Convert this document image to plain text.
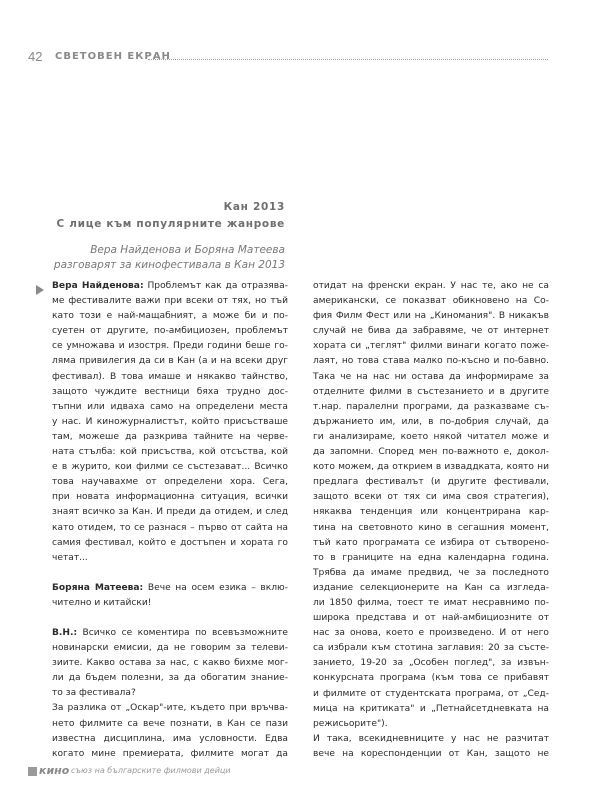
42 СВЕТОВЕН ЕКРАН
Кан 2013
С лице към популярните жанрове
Вера Найденова и Боряна Матеева
разговарят за кинофестивала в Кан 2013

Вера Найденова: Проблемът как да отразява-

ме фестивалите важи при всеки от тях, но тъй

като този е най-мащабният, а може би и по-

суетен от другите, по-амбициозен, проблемът

се умножава и изостря. Преди години беше го-

ляма привилегия да си в Кан (а и на всеки друг

фестивал). В това имаше и някакво тайнство,

защото чуждите вестници бяха трудно дос-

тъпни или идваха само на определени места

у нас. И киножурналистът, който присъстваше

там, можеше да разкрива тайните на черве-

ната стълба: кой присъства, кой отсъства, кой

е в журито, кои филми се състезават... Всичко

това научавахме от определени хора. Сега,

при новата информационна ситуация, всички

знаят всичко за Кан. И преди да отидем, и след

като отидем, то се разнася – първо от сайта на

самия фестивал, който е достъпен и хората го

четат...

Боряна Матеева: Вече на осем езика – вклю-

чително и китайски!

В.Н.: Всичко се коментира по всевъзможните

новинарски емисии, да не говорим за телеви-

зиите. Какво остава за нас, с какво бихме мог-

ли да бъдем полезни, за да обогатим знание-

то за фестивала?

За разлика от „Оскар"-ите, където при връчва-

нето филмите са вече познати, в Кан се пази

известна дисциплина, има условности. Едва

когато мине премиерата, филмите могат да

отидат на френски екран. У нас те, ако не са

американски, се показват обикновено на Со-

фия Филм Фест или на „Киномания". В никакъв

случай не бива да забравяме, че от интернет

хората си „теглят" филми винаги когато поже-

лаят, но това става малко по-късно и по-бавно.

Така че на нас ни остава да информираме за

отделните филми в състезанието и в другите

т.нар. паралелни програми, да разказваме съ-

държанието им, или, в по-добрия случай, да

ги анализираме, което някой читател може и

да запомни. Според мен по-важното е, докол-

кото можем, да открием в изваддката, която ни

предлага фестивалът (и другите фестивали,

защото всеки от тях си има своя стратегия),

някаква тенденция или концентрирана кар-

тина на световното кино в сегашния момент,

тъй като програмата се избира от сътворено-

то в границите на една календарна година.

Трябва да имаме предвид, че за последното

издание селекционерите на Кан са изгледа-

ли 1850 филма, тоест те имат несравнимо по-

широка представа и от най-амбициозните от

нас за онова, което е произведено. И от него

са избрали към стотина заглавия: 20 за състе-

занието, 19-20 за „Особен поглед", за извън-

конкурсната програма (към това се прибавят

и филмите от студентската програма, от „Сед-

мица на критиката" и „Петнайсетдневката на

режисьорите").

И така, всекидневниците у нас не разчитат

вече на кореспонденции от Кан, защото не

кино съюз на българските филмови дейци
